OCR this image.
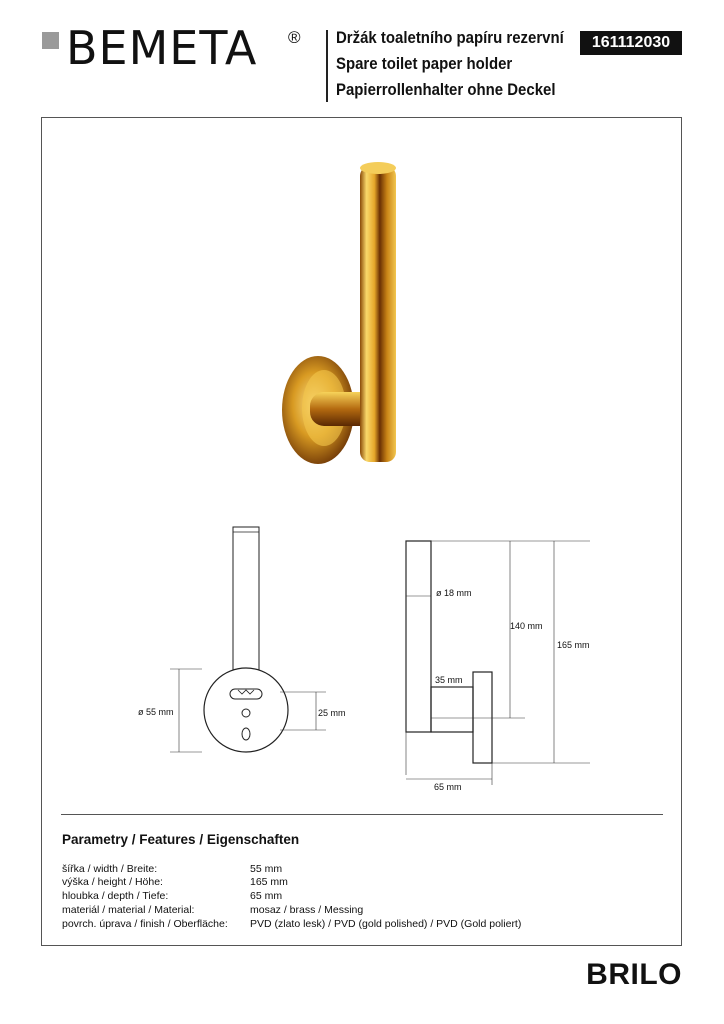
BEMETA ® Držák toaletního papíru rezervní
Spare toilet paper holder
Papierrollenhalter ohne Deckel
161112030
ø 55 mm	25 mm
ø 18 mm
140 mm
165 mm
35 mm
65 mm
Parametry / Features / Eigenschaften
šířka / width / Breite:	55 mm
výška / height / Höhe:	165 mm
hloubka / depth / Tiefe:	65 mm
materiál / material / Material:	mosaz / brass / Messing
povrch. úprava / finish / Oberfläche: PVD (zlato lesk) / PVD (gold polished) / PVD (Gold poliert)
BRILO
